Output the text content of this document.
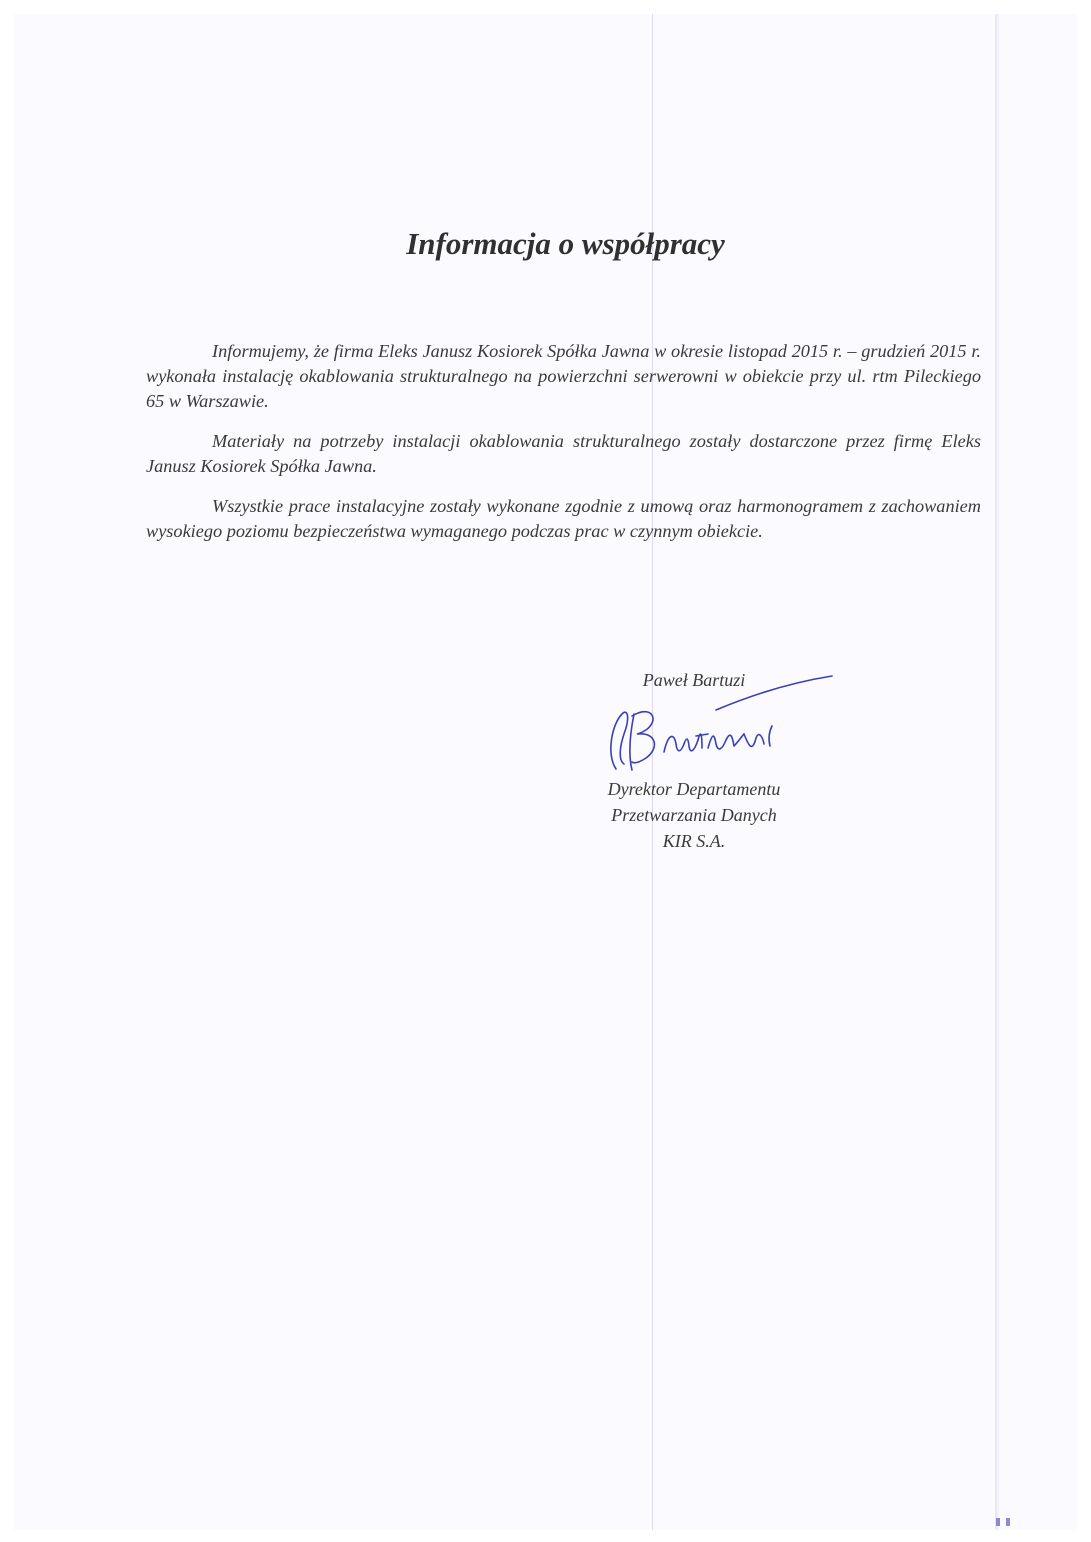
Informacja o współpracy

Informujemy, że firma Eleks Janusz Kosiorek Spółka Jawna w okresie listopad 2015 r. – grudzień 2015 r. wykonała instalację okablowania strukturalnego na powierzchni serwerowni w obiekcie przy ul. rtm Pileckiego 65 w Warszawie.

Materiały na potrzeby instalacji okablowania strukturalnego zostały dostarczone przez firmę Eleks Janusz Kosiorek Spółka Jawna.

Wszystkie prace instalacyjne zostały wykonane zgodnie z umową oraz harmonogramem z zachowaniem wysokiego poziomu bezpieczeństwa wymaganego podczas prac w czynnym obiekcie.

Paweł Bartuzi
Dyrektor Departamentu
Przetwarzania Danych
KIR S.A.
